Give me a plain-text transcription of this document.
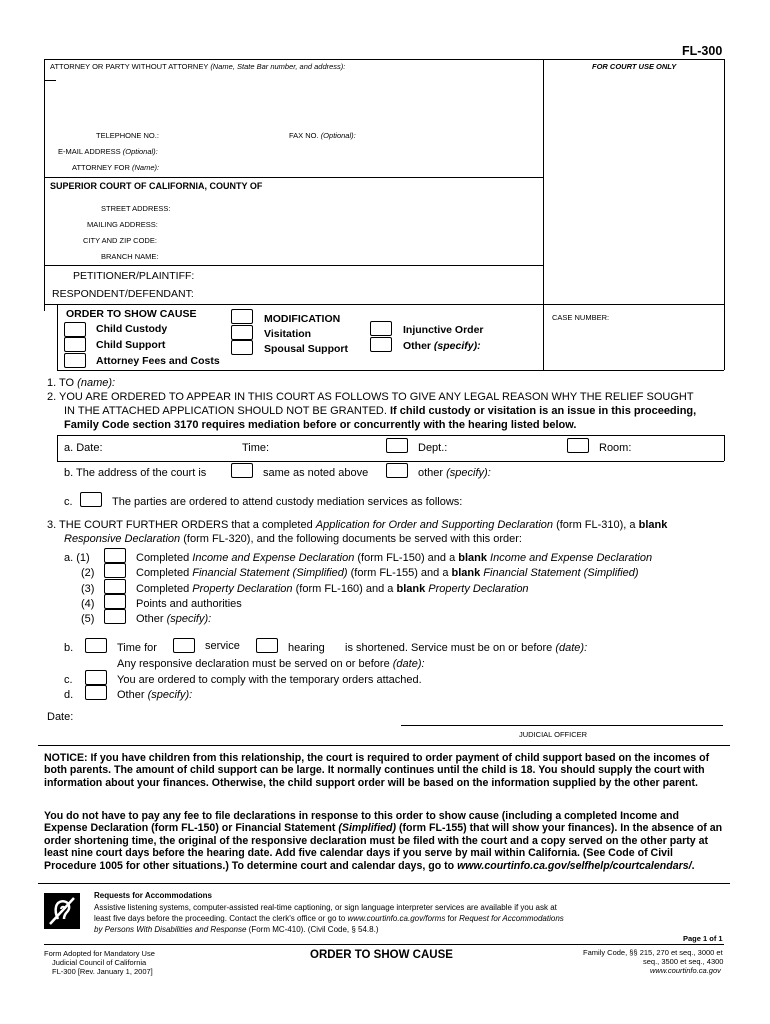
FL-300
ATTORNEY OR PARTY WITHOUT ATTORNEY (Name, State Bar number, and address):	FOR COURT USE ONLY
TELEPHONE NO.:	FAX NO. (Optional):
E-MAIL ADDRESS (Optional):
ATTORNEY FOR (Name):
SUPERIOR COURT OF CALIFORNIA, COUNTY OF
STREET ADDRESS:
MAILING ADDRESS:
CITY AND ZIP CODE:
BRANCH NAME:
PETITIONER/PLAINTIFF:
RESPONDENT/DEFENDANT:
ORDER TO SHOW CAUSE
Child Custody
Child Support
Attorney Fees and Costs
MODIFICATION
Visitation
Spousal Support
Injunctive Order
Other (specify):
CASE NUMBER:
1. TO (name):
2. YOU ARE ORDERED TO APPEAR IN THIS COURT AS FOLLOWS TO GIVE ANY LEGAL REASON WHY THE RELIEF SOUGHT
IN THE ATTACHED APPLICATION SHOULD NOT BE GRANTED. If child custody or visitation is an issue in this proceeding,
Family Code section 3170 requires mediation before or concurrently with the hearing listed below.
a. Date:	Time:	Dept.:	Room:
b. The address of the court is	same as noted above	other (specify):
c.	The parties are ordered to attend custody mediation services as follows:
3. THE COURT FURTHER ORDERS that a completed Application for Order and Supporting Declaration (form FL-310), a blank
Responsive Declaration (form FL-320), and the following documents be served with this order:
a. (1)	Completed Income and Expense Declaration (form FL-150) and a blank Income and Expense Declaration
(2)	Completed Financial Statement (Simplified) (form FL-155) and a blank Financial Statement (Simplified)
(3)	Completed Property Declaration (form FL-160) and a blank Property Declaration
(4)	Points and authorities
(5)	Other (specify):
b.	Time for	service	hearing is shortened. Service must be on or before (date):
Any responsive declaration must be served on or before (date):
c.	You are ordered to comply with the temporary orders attached.
d.	Other (specify):
Date:
JUDICIAL OFFICER
NOTICE: If you have children from this relationship, the court is required to order payment of child support based on the incomes of both parents. The amount of child support can be large. It normally continues until the child is 18. You should supply the court with information about your finances. Otherwise, the child support order will be based on the information supplied by the other parent.
You do not have to pay any fee to file declarations in response to this order to show cause (including a completed Income and Expense Declaration (form FL-150) or Financial Statement (Simplified) (form FL-155) that will show your finances). In the absence of an order shortening time, the original of the responsive declaration must be filed with the court and a copy served on the other party at least nine court days before the hearing date. Add five calendar days if you serve by mail within California. (See Code of Civil Procedure 1005 for other situations.) To determine court and calendar days, go to www.courtinfo.ca.gov/selfhelp/courtcalendars/.
Requests for Accommodations
Assistive listening systems, computer-assisted real-time captioning, or sign language interpreter services are available if you ask at
least five days before the proceeding. Contact the clerk's office or go to www.courtinfo.ca.gov/forms for Request for Accommodations
by Persons With Disabilities and Response (Form MC-410). (Civil Code, § 54.8.)
Page 1 of 1
Form Adopted for Mandatory Use
Judicial Council of California
FL-300 [Rev. January 1, 2007]
ORDER TO SHOW CAUSE	Family Code, §§ 215, 270 et seq., 3000 et
seq., 3500 et seq., 4300
www.courtinfo.ca.gov
